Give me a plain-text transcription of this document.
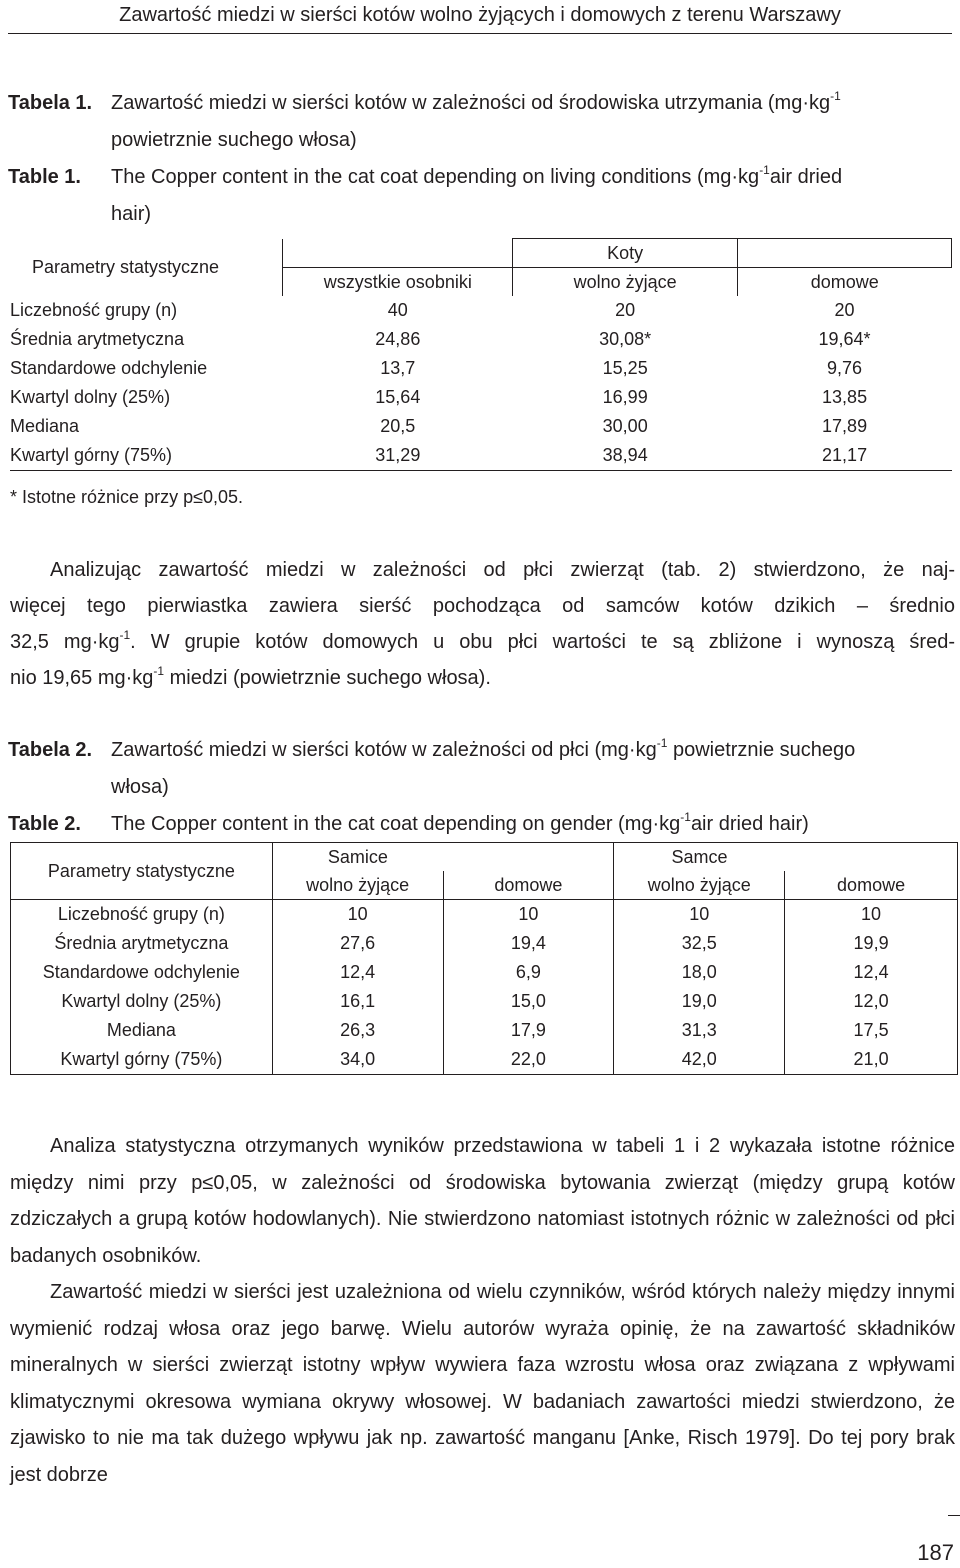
Zawartość miedzi w sierści kotów wolno żyjących i domowych z terenu Warszawy
Tabela 1. Zawartość miedzi w sierści kotów w zależności od środowiska utrzymania ($mg\cdot kg^{-1}$
powietrznie suchego włosa)
Table 1.	The Copper content in the cat coat depending on living conditions ($mg\cdot kg^{-1}air$ dried
hair)
Parametry statystyczne		Koty	
	wszystkie osobniki	wolno żyjące	domowe
Liczebność grupy (n)	40	20	20
Średnia arytmetyczna	24,86	30,08*	19,64*
Standardowe odchylenie	13,7	15,25	9,76
Kwartyl dolny (25%)	15,64	16,99	13,85
Mediana	20,5	30,00	17,89
Kwartyl górny (75%)	31,29	38,94	21,17
* Istotne różnice przy p≤0,05.
Analizując zawartość miedzi w zależności od płci zwierząt (tab. 2) stwierdzono, że naj-
więcej tego pierwiastka zawiera sierść pochodząca od samców kotów dzikich – średnio
32,5 $mg\cdot kg^{-1}$. W grupie kotów domowych u obu płci wartości te są zbliżone i wynoszą śred-
nio 19,65 $mg\cdot kg^{-1}$ miedzi (powietrznie suchego włosa).
Tabela 2. Zawartość miedzi w sierści kotów w zależności od płci ($mg\cdot kg^{-1}$ powietrznie suchego
włosa)
Table 2.	The Copper content in the cat coat depending on gender ($mg\cdot kg^{-1}air$ dried hair)
Parametry statystyczne	Samice		Samce	
	wolno żyjące	domowe	wolno żyjące	domowe
Liczebność grupy (n)	10	10	10	10
Średnia arytmetyczna	27,6	19,4	32,5	19,9
Standardowe odchylenie	12,4	6,9	18,0	12,4
Kwartyl dolny (25%)	16,1	15,0	19,0	12,0
Mediana	26,3	17,9	31,3	17,5
Kwartyl górny (75%)	34,0	22,0	42,0	21,0

Analiza statystyczna otrzymanych wyników przedstawiona w tabeli 1 i 2 wykazała istotne różnice między nimi przy p≤0,05, w zależności od środowiska bytowania zwierząt (między grupą kotów zdziczałych a grupą kotów hodowlanych). Nie stwierdzono natomiast istotnych różnic w zależności od płci badanych osobników.

Zawartość miedzi w sierści jest uzależniona od wielu czynników, wśród których należy między innymi wymienić rodzaj włosa oraz jego barwę. Wielu autorów wyraża opinię, że na zawartość składników mineralnych w sierści zwierząt istotny wpływ wywiera faza wzrostu włosa oraz związana z wpływami klimatycznymi okresowa wymiana okrywy włosowej. W badaniach zawartości miedzi stwierdzono, że zjawisko to nie ma tak dużego wpływu jak np. zawartość manganu [Anke, Risch 1979]. Do tej pory brak jest dobrze

187
